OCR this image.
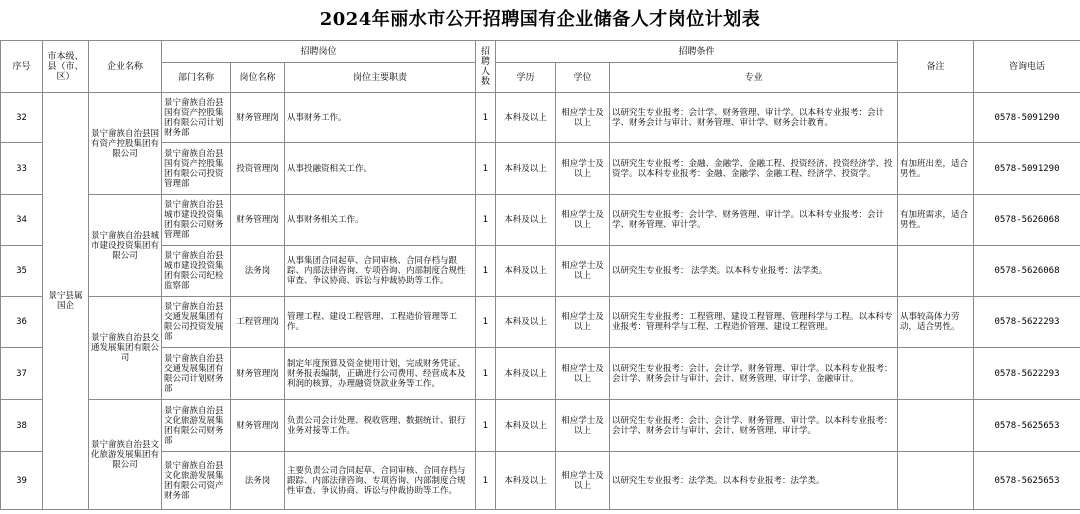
2024年丽水市公开招聘国有企业储备人才岗位计划表
序号	市本级、县（市、区）	企业名称	招聘岗位			招聘人数	招聘条件			备注	咨询电话
			部门名称	岗位名称	岗位主要职责		学历	学位	专业		
32	景宁县属国企	景宁畲族自治县国有资产控股集团有限公司	景宁畲族自治县国有资产控股集团有限公司计划财务部	财务管理岗	从事财务工作。	1	本科及以上	相应学士及以上	以研究生专业报考：会计学、财务管理、审计学。以本科专业报考：会计学、财务会计与审计、财务管理、审计学、财务会计教育。		0578-5091290
33			景宁畲族自治县国有资产控股集团有限公司投资管理部	投资管理岗	从事投融资相关工作。	1	本科及以上	相应学士及以上	以研究生专业报考：金融、金融学、金融工程、投资经济、投资经济学、投资学。以本科专业报考：金融、金融学、金融工程、经济学、投资学。	有加班出差，适合男性。	0578-5091290
34		景宁畲族自治县城市建设投资集团有限公司	景宁畲族自治县城市建设投资集团有限公司财务管理部	财务管理岗	从事财务相关工作。	1	本科及以上	相应学士及以上	以研究生专业报考：会计学、财务管理、审计学。以本科专业报考：会计学、财务管理、审计学。	有加班需求，适合男性。	0578-5626068
35			景宁畲族自治县城市建设投资集团有限公司纪检监察部	法务岗	从事集团合同起草、合同审核、合同存档与跟踪、内部法律咨询、专项咨询、内部制度合规性审查、争议协商、诉讼与仲裁协助等工作。	1	本科及以上	相应学士及以上	以研究生专业报考： 法学类。以本科专业报考：法学类。		0578-5626068
36		景宁畲族自治县交通发展集团有限公司	景宁畲族自治县交通发展集团有限公司投资发展部	工程管理岗	管理工程、建设工程管理、工程造价管理等工作。	1	本科及以上	相应学士及以上	以研究生专业报考：工程管理、建设工程管理、管理科学与工程。以本科专业报考：管理科学与工程、工程造价管理、建设工程管理。	从事较高体力劳动，适合男性。	0578-5622293
37			景宁畲族自治县交通发展集团有限公司计划财务部	财务管理岗	制定年度预算及资金使用计划，完成财务凭证、财务报表编制，正确进行公司费用、经营成本及利润的核算，办理融资贷款业务等工作。	1	本科及以上	相应学士及以上	以研究生专业报考：会计、会计学、财务管理、审计学。以本科专业报考：会计学、财务会计与审计、会计、财务管理、审计学、金融审计。		0578-5622293
38		景宁畲族自治县文化旅游发展集团有限公司	景宁畲族自治县文化旅游发展集团有限公司财务部	财务管理岗	负责公司会计处理、税收管理、数据统计、银行业务对接等工作。	1	本科及以上	相应学士及以上	以研究生专业报考：会计、会计学、财务管理、审计学。以本科专业报考：会计学、财务会计与审计、会计、财务管理、审计学。		0578-5625653
39			景宁畲族自治县文化旅游发展集团有限公司资产财务部	法务岗	主要负责公司合同起草、合同审核、合同存档与跟踪、内部法律咨询、专项咨询、内部制度合规性审查、争议协商、诉讼与仲裁协助等工作。	1	本科及以上	相应学士及以上	以研究生专业报考：法学类。以本科专业报考：法学类。		0578-5625653
